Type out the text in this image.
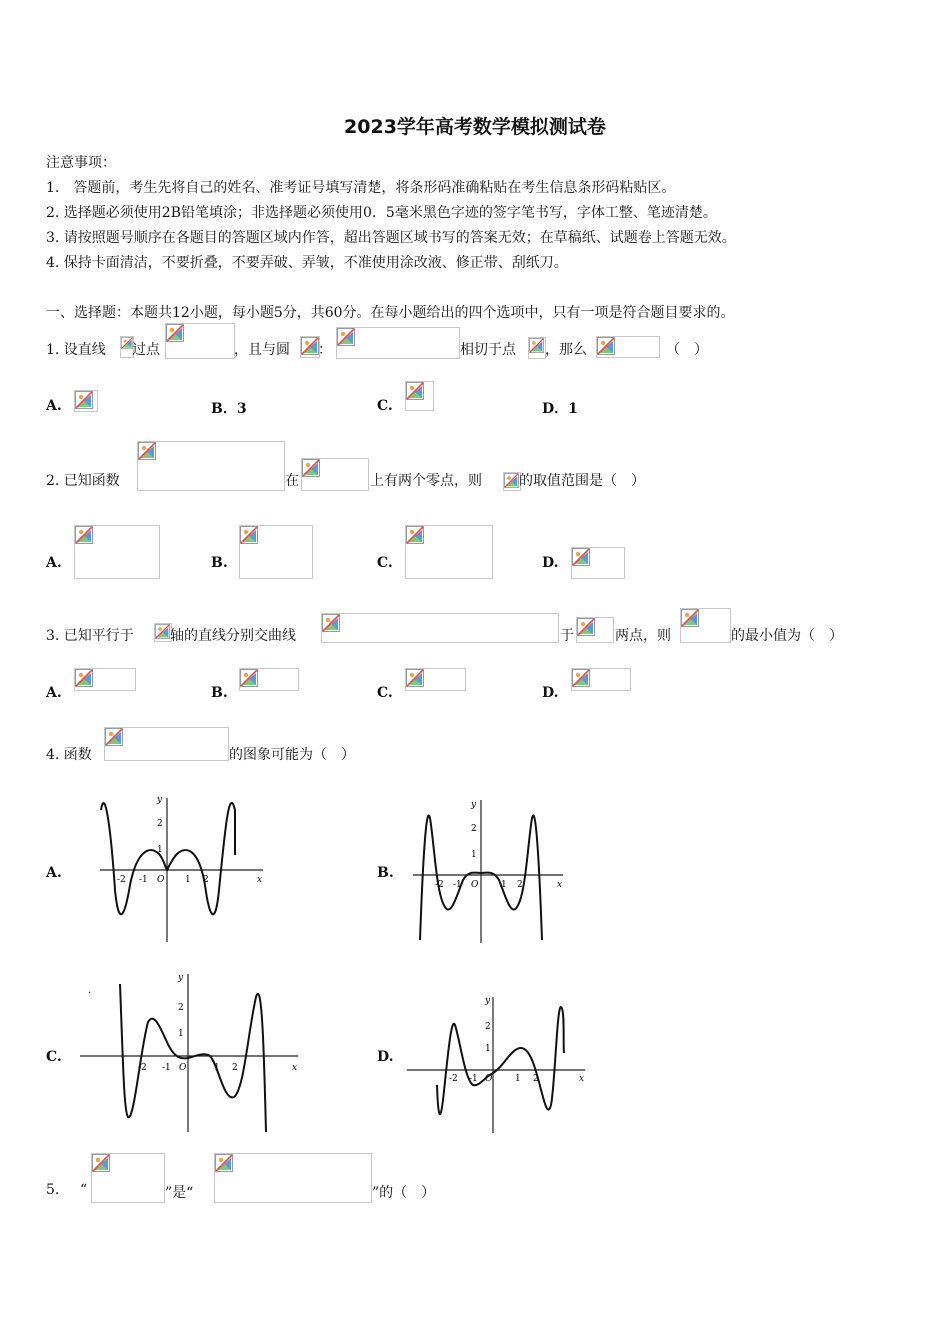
2023学年高考数学模拟测试卷
注意事项：
1.　答题前，考生先将自己的姓名、准考证号填写清楚，将条形码准确粘贴在考生信息条形码粘贴区。
2. 选择题必须使用2B铅笔填涂；非选择题必须使用0．5毫米黑色字迹的签字笔书写，字体工整、笔迹清楚。
3. 请按照题号顺序在各题目的答题区域内作答，超出答题区域书写的答案无效；在草稿纸、试题卷上答题无效。
4. 保持卡面清洁，不要折叠，不要弄破、弄皱，不准使用涂改液、修正带、刮纸刀。
一、选择题：本题共12小题，每小题5分，共60分。在每小题给出的四个选项中，只有一项是符合题目要求的。
1. 设直线 过点	，且与圆 ：	相切于点 ，那么	（　）
A.	B．3	C.	D．1
2. 已知函数	在	上有两个零点，则	的取值范围是（　）
A.	B.	C.	D.
3. 已知平行于	轴的直线分别交曲线	于	两点，则	的最小值为（　）
A.	B.	C.	D.
4. 函数	的图象可能为（　）
A.
y
x
O
-2 -1	1 2
2
1
B.
y
x
O
-2 -1	1 2
2
1
C.
·
y
x
O
-2 -1	1 2
2
1
D.
y
x
O
-2 -1	1 2
2
1
5. “	”是“	”的（　）
